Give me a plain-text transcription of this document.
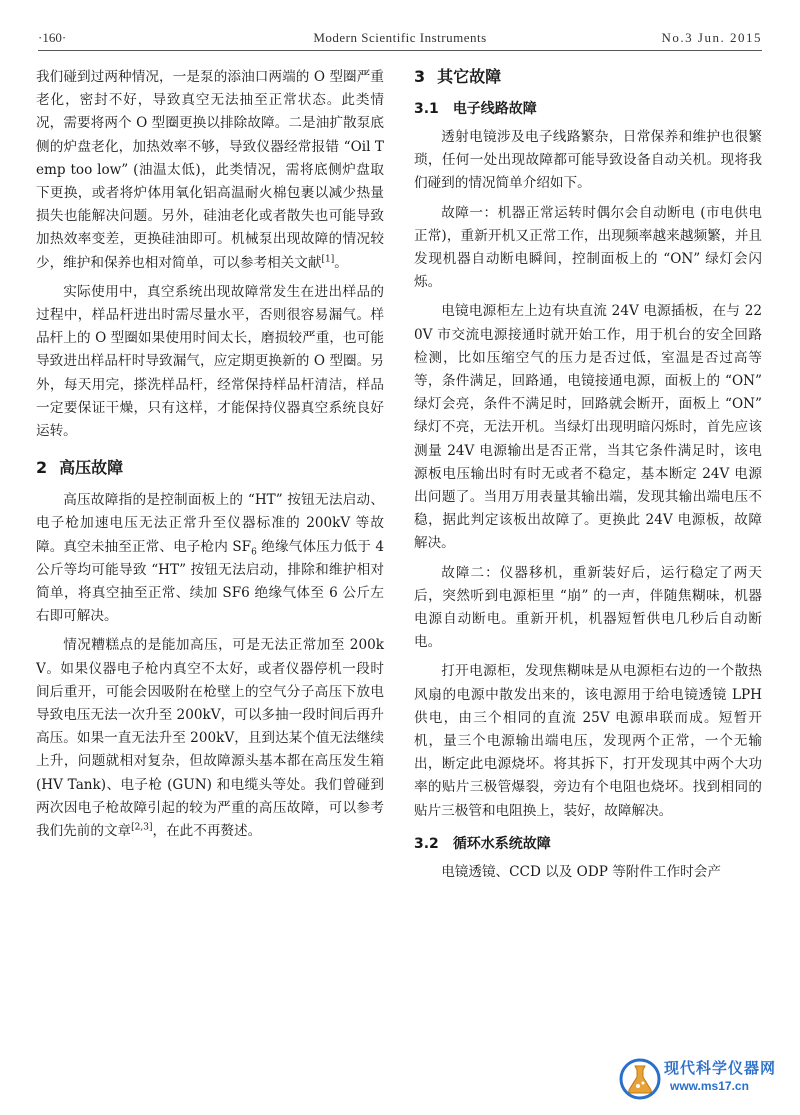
·160·	Modern Scientific Instruments	No.3 Jun. 2015

我们碰到过两种情况，一是泵的添油口两端的 O 型圈严重老化，密封不好，导致真空无法抽至正常状态。此类情况，需要将两个 O 型圈更换以排除故障。二是油扩散泵底侧的炉盘老化，加热效率不够，导致仪器经常报错 “Oil Temp too low” (油温太低)，此类情况，需将底侧炉盘取下更换，或者将炉体用氧化铝高温耐火棉包裹以减少热量损失也能解决问题。另外，硅油老化或者散失也可能导致加热效率变差，更换硅油即可。机械泵出现故障的情况较少，维护和保养也相对简单，可以参考相关文献[1]。

实际使用中，真空系统出现故障常发生在进出样品的过程中，样品杆进出时需尽量水平，否则很容易漏气。样品杆上的 O 型圈如果使用时间太长，磨损较严重，也可能导致进出样品杆时导致漏气，应定期更换新的 O 型圈。另外，每天用完，搽洗样品杆，经常保持样品杆清洁，样品一定要保证干燥，只有这样，才能保持仪器真空系统良好运转。

2 高压故障

高压故障指的是控制面板上的 “HT” 按钮无法启动、电子枪加速电压无法正常升至仪器标准的 200kV 等故障。真空未抽至正常、电子枪内 $SF_6$ 绝缘气体压力低于 4 公斤等均可能导致 “HT” 按钮无法启动，排除和维护相对简单，将真空抽至正常、续加 SF6 绝缘气体至 6 公斤左右即可解决。

情况糟糕点的是能加高压，可是无法正常加至 200kV。如果仪器电子枪内真空不太好，或者仪器停机一段时间后重开，可能会因吸附在枪壁上的空气分子高压下放电导致电压无法一次升至 200kV，可以多抽一段时间后再升高压。如果一直无法升至 200kV，且到达某个值无法继续上升，问题就相对复杂，但故障源头基本都在高压发生箱 (HV Tank)、电子枪 (GUN) 和电缆头等处。我们曾碰到两次因电子枪故障引起的较为严重的高压故障，可以参考我们先前的文章[2,3]，在此不再赘述。

3 其它故障
3.1 电子线路故障

透射电镜涉及电子线路繁杂，日常保养和维护也很繁琐，任何一处出现故障都可能导致设备自动关机。现将我们碰到的情况简单介绍如下。

故障一：机器正常运转时偶尔会自动断电 (市电供电正常)，重新开机又正常工作，出现频率越来越频繁，并且发现机器自动断电瞬间，控制面板上的 “ON” 绿灯会闪烁。

电镜电源柜左上边有块直流 24V 电源插板，在与 220V 市交流电源接通时就开始工作，用于机台的安全回路检测，比如压缩空气的压力是否过低，室温是否过高等等，条件满足，回路通，电镜接通电源，面板上的 “ON” 绿灯会亮，条件不满足时，回路就会断开，面板上 “ON” 绿灯不亮，无法开机。当绿灯出现明暗闪烁时，首先应该测量 24V 电源输出是否正常，当其它条件满足时，该电源板电压输出时有时无或者不稳定，基本断定 24V 电源出问题了。当用万用表量其输出端，发现其输出端电压不稳，据此判定该板出故障了。更换此 24V 电源板，故障解决。

故障二：仪器移机，重新装好后，运行稳定了两天后，突然听到电源柜里 “崩” 的一声，伴随焦糊味，机器电源自动断电。重新开机，机器短暂供电几秒后自动断电。

打开电源柜，发现焦糊味是从电源柜右边的一个散热风扇的电源中散发出来的，该电源用于给电镜透镜 LPH 供电，由三个相同的直流 25V 电源串联而成。短暂开机，量三个电源输出端电压，发现两个正常，一个无输出，断定此电源烧坏。将其拆下，打开发现其中两个大功率的贴片三极管爆裂，旁边有个电阻也烧坏。找到相同的贴片三极管和电阻换上，装好，故障解决。

3.2 循环水系统故障

电镜透镜、CCD 以及 ODP 等附件工作时会产

现代科学仪器网
www.ms17.cn
